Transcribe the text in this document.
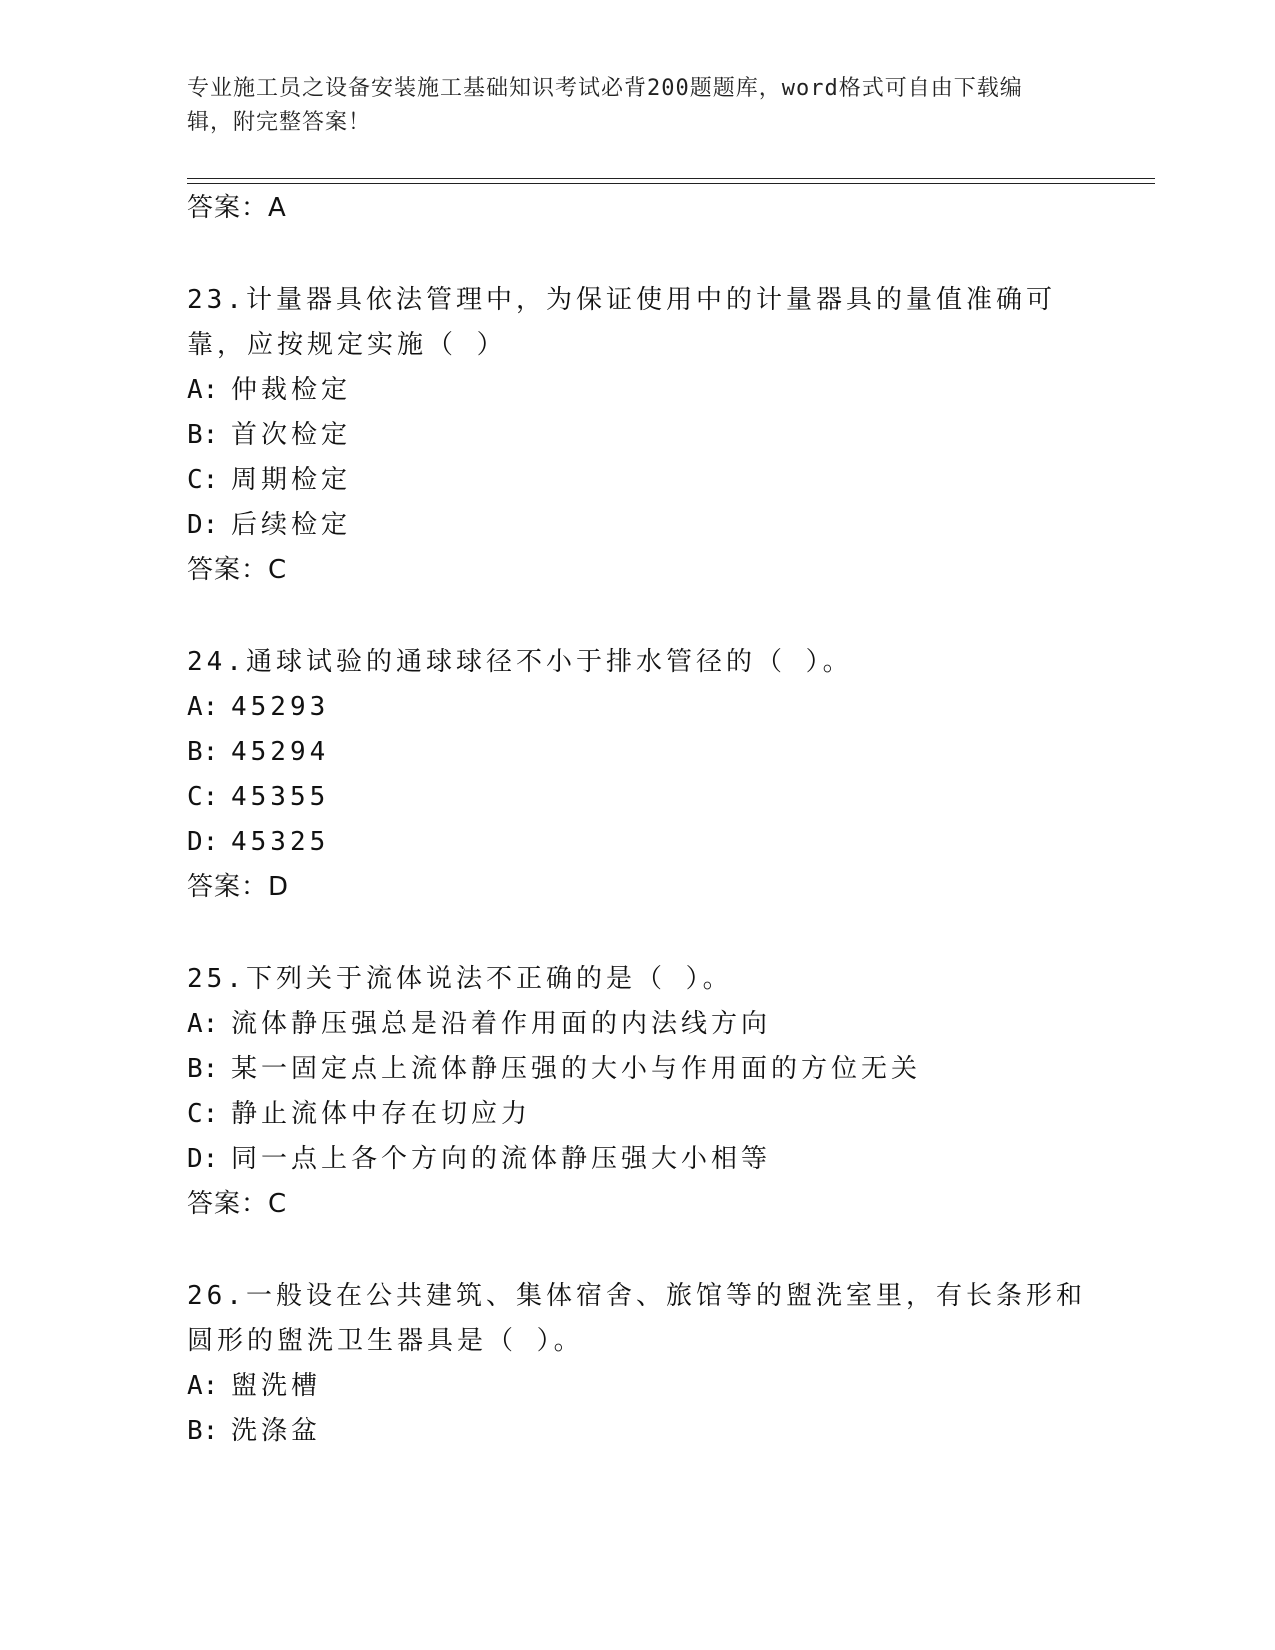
专业施工员之设备安装施工基础知识考试必背200题题库，word格式可自由下载编辑，附完整答案！
答案：A
23.计量器具依法管理中，为保证使用中的计量器具的量值准确可靠，应按规定实施（ ）
A: 仲裁检定
B: 首次检定
C: 周期检定
D: 后续检定
答案：C
24.通球试验的通球球径不小于排水管径的（ ）。
A: 45293
B: 45294
C: 45355
D: 45325
答案：D
25.下列关于流体说法不正确的是（ ）。
A: 流体静压强总是沿着作用面的内法线方向
B: 某一固定点上流体静压强的大小与作用面的方位无关
C: 静止流体中存在切应力
D: 同一点上各个方向的流体静压强大小相等
答案：C
26.一般设在公共建筑、集体宿舍、旅馆等的盥洗室里，有长条形和圆形的盥洗卫生器具是（ ）。
A: 盥洗槽
B: 洗涤盆
